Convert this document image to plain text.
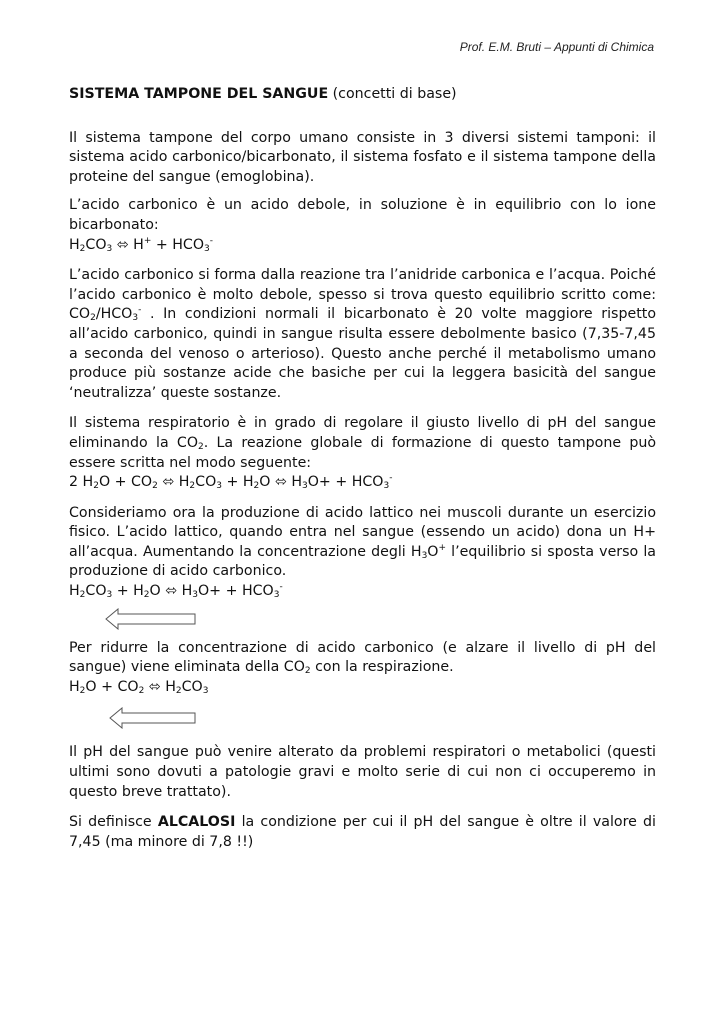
Prof. E.M. Bruti – Appunti di Chimica

SISTEMA TAMPONE DEL SANGUE (concetti di base)

Il sistema tampone del corpo umano consiste in 3 diversi sistemi tamponi: il sistema acido carbonico/bicarbonato, il sistema fosfato e il sistema tampone della proteine del sangue (emoglobina).

L’acido carbonico è un acido debole, in soluzione è in equilibrio con lo ione bicarbonato:

$H_2CO_3$ ⬄ $H^+ + HCO_3^-$

L’acido carbonico si forma dalla reazione tra l’anidride carbonica e l’acqua. Poiché l’acido carbonico è molto debole, spesso si trova questo equilibrio scritto come: $CO_2/HCO_3^-$ . In condizioni normali il bicarbonato è 20 volte maggiore rispetto all’acido carbonico, quindi in sangue risulta essere debolmente basico (7,35-7,45 a seconda del venoso o arterioso). Questo anche perché il metabolismo umano produce più sostanze acide che basiche per cui la leggera basicità del sangue ‘neutralizza’ queste sostanze.

Il sistema respiratorio è in grado di regolare il giusto livello di pH del sangue eliminando la $CO_2$. La reazione globale di formazione di questo tampone può essere scritta nel modo seguente:

2 $H_2O + CO_2$ ⬄ $H_2CO_3 + H_2O$ ⬄ $H_3O+ + HCO_3^-$

Consideriamo ora la produzione di acido lattico nei muscoli durante un esercizio fisico. L’acido lattico, quando entra nel sangue (essendo un acido) dona un H+ all’acqua. Aumentando la concentrazione degli $H_3O^+$ l’equilibrio si sposta verso la produzione di acido carbonico.

$H_2CO_3 + H_2O$ ⬄ $H_3O+ + HCO_3^-$

Per ridurre la concentrazione di acido carbonico (e alzare il livello di pH del sangue) viene eliminata della $CO_2$ con la respirazione.

$H_2O + CO_2$ ⬄ $H_2CO_3$

Il pH del sangue può venire alterato da problemi respiratori o metabolici (questi ultimi sono dovuti a patologie gravi e molto serie di cui non ci occuperemo in questo breve trattato).

Si definisce ALCALOSI la condizione per cui il pH del sangue è oltre il valore di 7,45 (ma minore di 7,8 !!)
